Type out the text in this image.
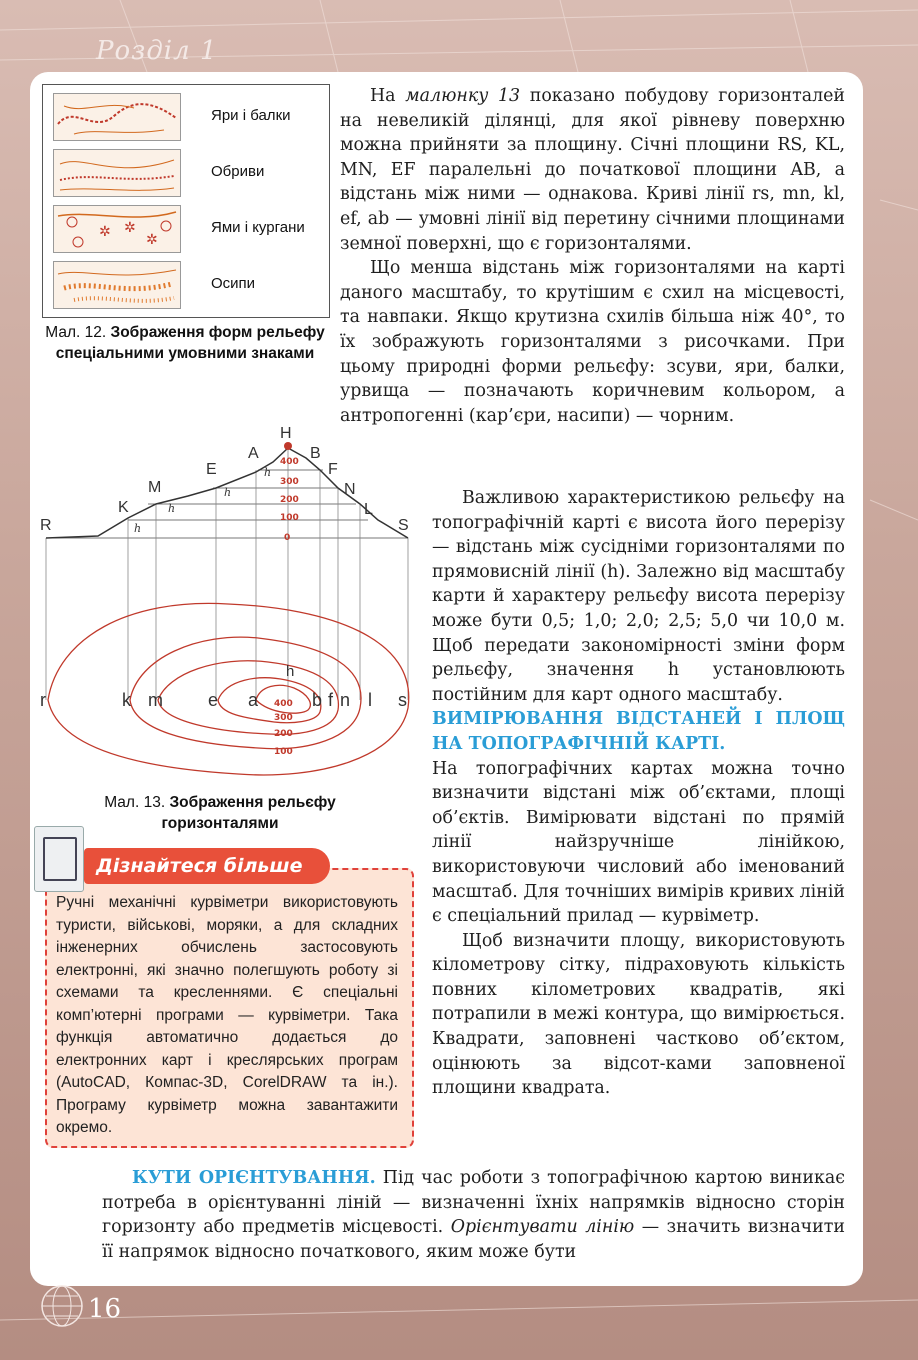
Розділ 1
Яри і балки
Обриви
✲ ✲
✲
Ями і кургани
Осипи
Мал. 12. Зображення форм рельефу спеціальними умовними знаками
400
300
200
100
0
h
h
h
h
R
K
M
E
A
H
B
F
N
L
S
400
300
200
100
h
r	k m	e a	b f n l s
Мал. 13. Зображення рельєфу горизонталями
Дізнайтеся більше
Ручні механічні курвіметри використовують туристи, військові, моряки, а для складних інженерних обчислень застосовують електронні, які значно полегшують роботу зі схемами та кресленнями. Є спеціальні комп’ютерні програми — курвіметри. Така функція автоматично додається до електронних карт і креслярських програм (AutoCAD, Компас-3D, CorelDRAW та ін.). Програму курвіметр можна завантажити окремо.

На малюнку 13 показано побудову горизонталей на невеликій ділянці, для якої рівневу поверхню можна прийняти за площину. Січні площини RS, KL, MN, EF паралельні до початкової площини AB, а відстань між ними — однакова. Криві лінії rs, mn, kl, ef, ab — умовні лінії від перетину січними площинами земної поверхні, що є горизонталями.

Що менша відстань між горизонталями на карті даного масштабу, то крутішим є схил на місцевості, та навпаки. Якщо крутизна схилів більша ніж 40°, то їх зображують горизонталями з рисочками. При цьому природні форми рельєфу: зсуви, яри, балки, урвища — позначають коричневим кольором, а антропогенні (кар’єри, насипи) — чорним.

Важливою характеристикою рельєфу на топографічній карті є висота його перерізу — відстань між сусідніми горизонталями по прямовисній лінії (h). Залежно від масштабу карти й характеру рельєфу висота перерізу може бути 0,5; 1,0; 2,0; 2,5; 5,0 чи 10,0 м. Щоб передати закономірності зміни форм рельєфу, значення h установлюють постійним для карт одного масштабу.

ВИМІРЮВАННЯ ВІДСТАНЕЙ І ПЛОЩ НА ТОПОГРАФІЧНІЙ КАРТІ.

На топографічних картах можна точно визначити відстані між об’єктами, площі об’єктів. Вимірювати відстані по прямій лінії найзручніше лінійкою, використовуючи числовий або іменований масштаб. Для точніших вимірів кривих ліній є спеціальний прилад — курвіметр.

Щоб визначити площу, використовують кілометрову сітку, підраховують кількість повних кілометрових квадратів, які потрапили в межі контура, що вимірюється. Квадрати, заповнені частково об’єктом, оцінюють за відсот-ками заповненої площини квадрата.

КУТИ ОРІЄНТУВАННЯ. Під час роботи з топографічною картою виникає потреба в орієнтуванні ліній — визначенні їхніх напрямків відносно сторін горизонту або предметів місцевості. Орієнтувати лінію — значить визначити її напрямок відносно початкового, яким може бути

16
